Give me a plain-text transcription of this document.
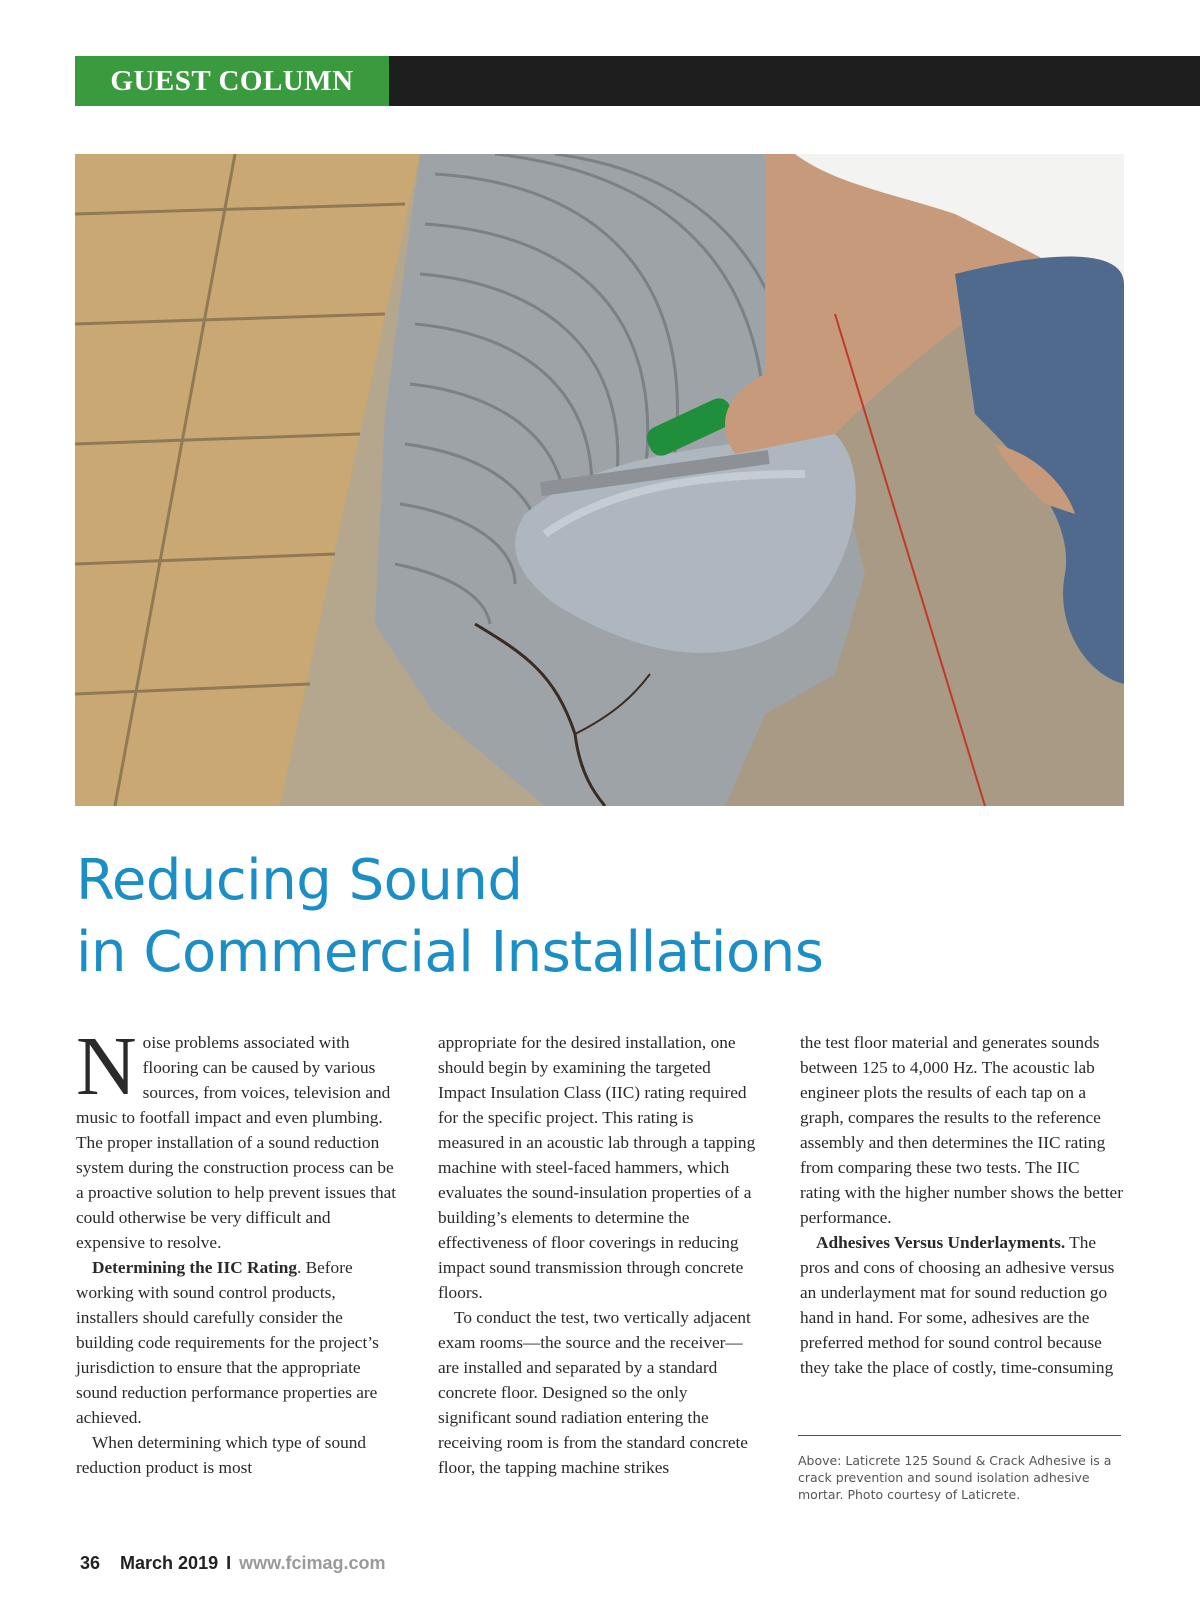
GUEST COLUMN
Reducing Sound
in Commercial Installations

Noise problems associated with flooring can be caused by various sources, from voices, television and music to footfall impact and even plumbing. The proper installation of a sound reduction system during the construction process can be a proactive solution to help prevent issues that could otherwise be very difficult and expensive to resolve.

Determining the IIC Rating. Before working with sound control products, installers should carefully consider the building code requirements for the project’s jurisdiction to ensure that the appropriate sound reduction performance properties are achieved.

When determining which type of sound reduction product is most

appropriate for the desired installation, one should begin by examining the targeted Impact Insulation Class (IIC) rating required for the specific project. This rating is measured in an acoustic lab through a tapping machine with steel-faced hammers, which evaluates the sound-insulation properties of a building’s elements to determine the effectiveness of floor coverings in reducing impact sound transmission through concrete floors.

To conduct the test, two vertically adjacent exam rooms—the source and the receiver—are installed and separated by a standard concrete floor. Designed so the only significant sound radiation entering the receiving room is from the standard concrete floor, the tapping machine strikes

the test floor material and generates sounds between 125 to 4,000 Hz. The acoustic lab engineer plots the results of each tap on a graph, compares the results to the reference assembly and then determines the IIC rating from comparing these two tests. The IIC rating with the higher number shows the better performance.

Adhesives Versus Underlayments. The pros and cons of choosing an adhesive versus an underlayment mat for sound reduction go hand in hand. For some, adhesives are the preferred method for sound control because they take the place of costly, time-consuming

Above: Laticrete 125 Sound & Crack Adhesive is a crack prevention and sound isolation adhesive mortar. Photo courtesy of Laticrete.
36 March 2019 I www.fcimag.com
